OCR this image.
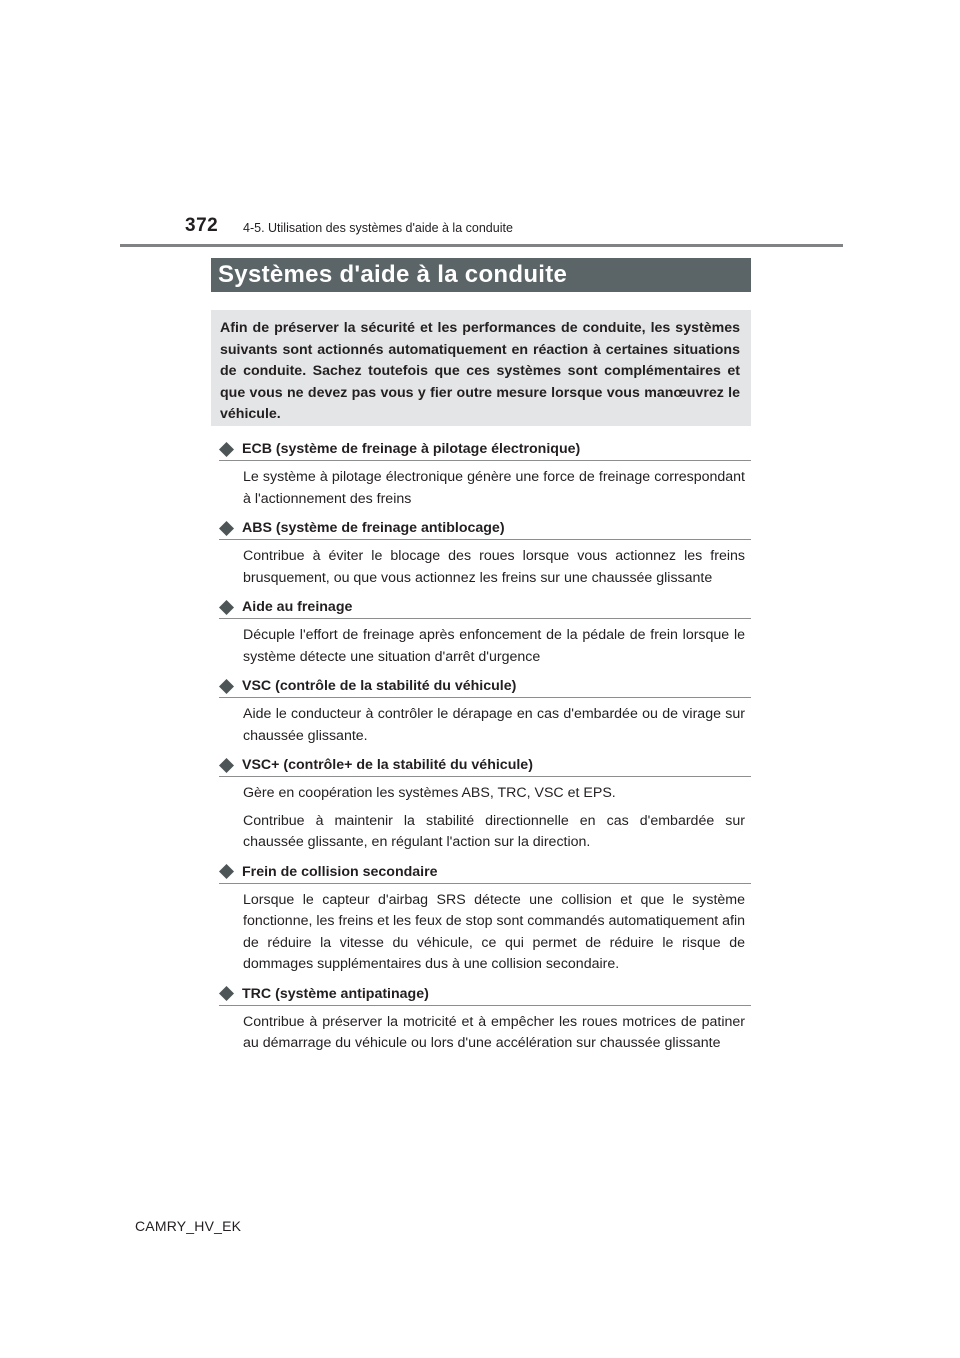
372 4-5. Utilisation des systèmes d'aide à la conduite
Systèmes d'aide à la conduite
Afin de préserver la sécurité et les performances de conduite, les systèmes suivants sont actionnés automatiquement en réaction à certaines situations de conduite. Sachez toutefois que ces systèmes sont complémentaires et que vous ne devez pas vous y fier outre mesure lorsque vous manœuvrez le véhicule.
ECB (système de freinage à pilotage électronique)
Le système à pilotage électronique génère une force de freinage correspondant à l'actionnement des freins
ABS (système de freinage antiblocage)
Contribue à éviter le blocage des roues lorsque vous actionnez les freins brusquement, ou que vous actionnez les freins sur une chaussée glissante
Aide au freinage
Décuple l'effort de freinage après enfoncement de la pédale de frein lorsque le système détecte une situation d'arrêt d'urgence
VSC (contrôle de la stabilité du véhicule)
Aide le conducteur à contrôler le dérapage en cas d'embardée ou de virage sur chaussée glissante.
VSC+ (contrôle+ de la stabilité du véhicule)
Gère en coopération les systèmes ABS, TRC, VSC et EPS.
Contribue à maintenir la stabilité directionnelle en cas d'embardée sur chaussée glissante, en régulant l'action sur la direction.
Frein de collision secondaire
Lorsque le capteur d'airbag SRS détecte une collision et que le système fonctionne, les freins et les feux de stop sont commandés automatiquement afin de réduire la vitesse du véhicule, ce qui permet de réduire le risque de dommages supplémentaires dus à une collision secondaire.
TRC (système antipatinage)
Contribue à préserver la motricité et à empêcher les roues motrices de patiner au démarrage du véhicule ou lors d'une accélération sur chaussée glissante
CAMRY_HV_EK
